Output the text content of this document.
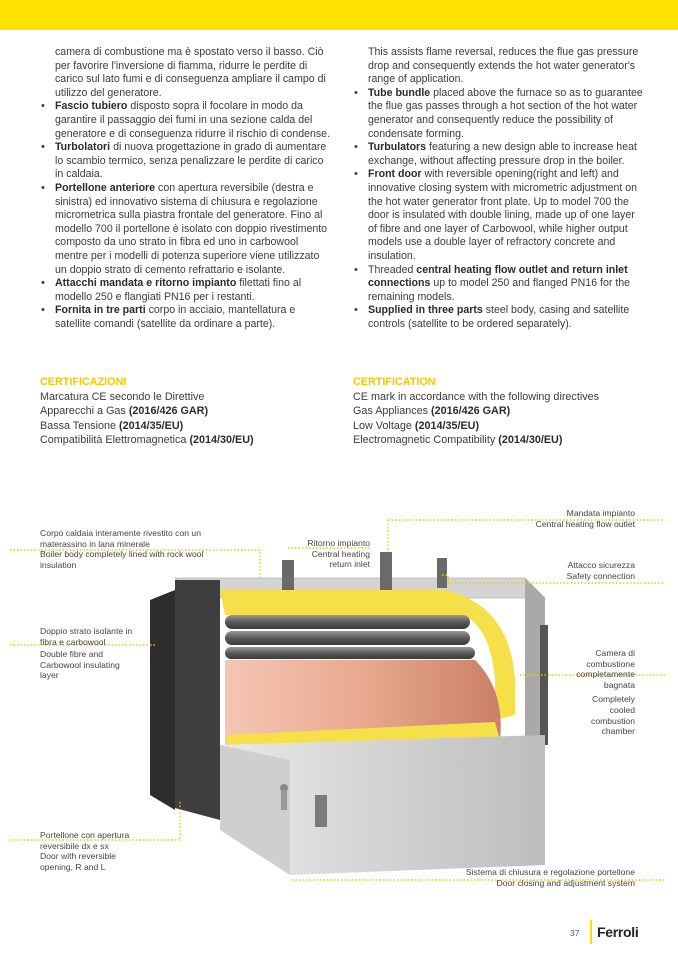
camera di combustione ma è spostato verso il basso. Ciò per favorire l'inversione di fiamma, ridurre le perdite di carico sul lato fumi e di conseguenza ampliare il campo di utilizzo del generatore.

• Fascio tubiero disposto sopra il focolare in modo da garantire il passaggio dei fumi in una sezione calda del generatore e di conseguenza ridurre il rischio di condense.
• Turbolatori di nuova progettazione in grado di aumentare lo scambio termico, senza penalizzare le perdite di carico in caldaia.
• Portellone anteriore con apertura reversibile (destra e sinistra) ed innovativo sistema di chiusura e regolazione micrometrica sulla piastra frontale del generatore. Fino al modello 700 il portellone è isolato con doppio rivestimento composto da uno strato in fibra ed uno in carbowool mentre per i modelli di potenza superiore viene utilizzato un doppio strato di cemento refrattario e isolante.
• Attacchi mandata e ritorno impianto filettati fino al modello 250 e flangiati PN16 per i restanti.
• Fornita in tre parti corpo in acciaio, mantellatura e satellite comandi (satellite da ordinare a parte).

This assists flame reversal, reduces the flue gas pressure drop and consequently extends the hot water generator's range of application.

• Tube bundle placed above the furnace so as to guarantee the flue gas passes through a hot section of the hot water generator and consequently reduce the possibility of condensate forming.
• Turbulators featuring a new design able to increase heat exchange, without affecting pressure drop in the boiler.
• Front door with reversible opening(right and left) and innovative closing system with micrometric adjustment on the hot water generator front plate. Up to model 700 the door is insulated with double lining, made up of one layer of fibre and one layer of Carbowool, while higher output models use a double layer of refractory concrete and insulation.
• Threaded central heating flow outlet and return inlet connections up to model 250 and flanged PN16 for the remaining models.
• Supplied in three parts steel body, casing and satellite controls (satellite to be ordered separately).
CERTIFICAZIONI
Marcatura CE secondo le Direttive
Apparecchi a Gas (2016/426 GAR)
Bassa Tensione (2014/35/EU)
Compatibilità Elettromagnetica (2014/30/EU)
CERTIFICATION
CE mark in accordance with the following directives
Gas Appliances (2016/426 GAR)
Low Voltage (2014/35/EU)
Electromagnetic Compatibility (2014/30/EU)
Corpo caldaia interamente rivestito con un materassino in lana minerale
Boiler body completely lined with rock wool insulation
Ritorno impianto
Central heating return inlet
Mandata impianto
Central heating flow outlet
Attacco sicurezza
Safety connection
Doppio strato isolante in fibra e carbowool
Double fibre and Carbowool insulating layer
Camera di combustione completamente bagnata
Completely cooled combustion chamber
Portellone con apertura reversibile dx e sx
Door with reversible opening, R and L
Sistema di chiusura e regolazione portellone
Door closing and adjustment system
37 Ferroli
